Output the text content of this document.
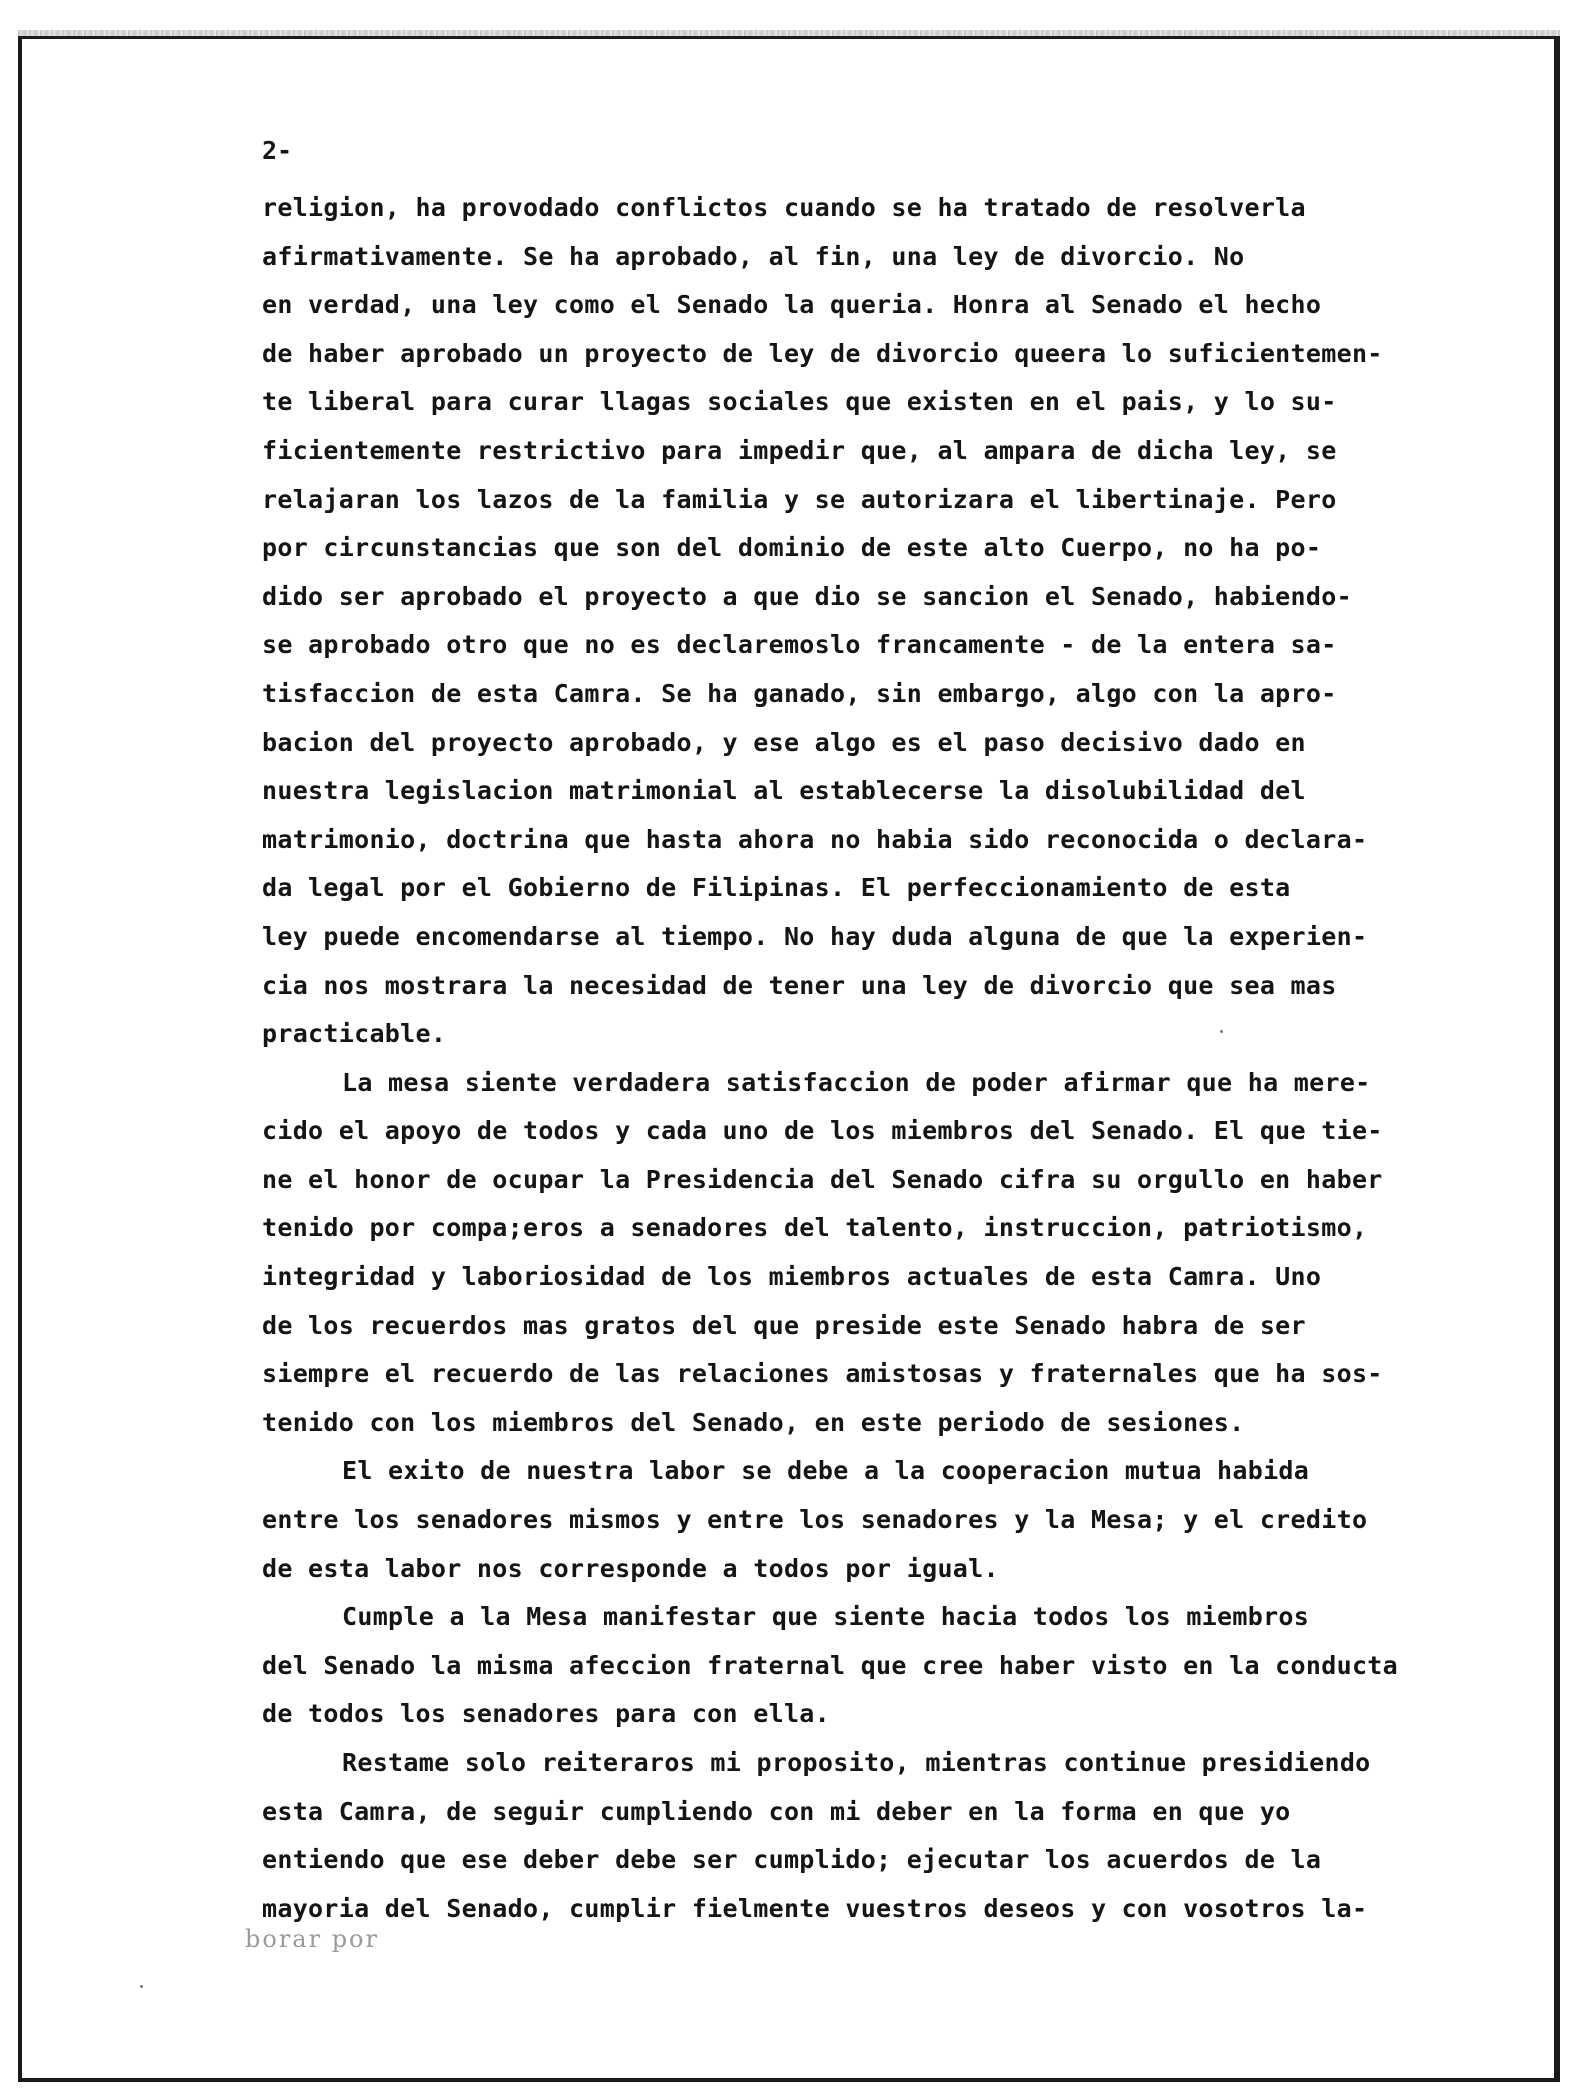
2-
religion, ha provodado conflictos cuando se ha tratado de resolverla
afirmativamente. Se ha aprobado, al fin, una ley de divorcio. No
en verdad, una ley como el Senado la queria. Honra al Senado el hecho
de haber aprobado un proyecto de ley de divorcio queera lo suficientemen-
te liberal para curar llagas sociales que existen en el pais, y lo su-
ficientemente restrictivo para impedir que, al ampara de dicha ley, se
relajaran los lazos de la familia y se autorizara el libertinaje. Pero
por circunstancias que son del dominio de este alto Cuerpo, no ha po-
dido ser aprobado el proyecto a que dio se sancion el Senado, habiendo-
se aprobado otro que no es declaremoslo francamente - de la entera sa-
tisfaccion de esta Camra. Se ha ganado, sin embargo, algo con la apro-
bacion del proyecto aprobado, y ese algo es el paso decisivo dado en
nuestra legislacion matrimonial al establecerse la disolubilidad del
matrimonio, doctrina que hasta ahora no habia sido reconocida o declara-
da legal por el Gobierno de Filipinas. El perfeccionamiento de esta
ley puede encomendarse al tiempo. No hay duda alguna de que la experien-
cia nos mostrara la necesidad de tener una ley de divorcio que sea mas
practicable.
La mesa siente verdadera satisfaccion de poder afirmar que ha mere-
cido el apoyo de todos y cada uno de los miembros del Senado. El que tie-
ne el honor de ocupar la Presidencia del Senado cifra su orgullo en haber
tenido por compa;eros a senadores del talento, instruccion, patriotismo,
integridad y laboriosidad de los miembros actuales de esta Camra. Uno
de los recuerdos mas gratos del que preside este Senado habra de ser
siempre el recuerdo de las relaciones amistosas y fraternales que ha sos-
tenido con los miembros del Senado, en este periodo de sesiones.
El exito de nuestra labor se debe a la cooperacion mutua habida
entre los senadores mismos y entre los senadores y la Mesa; y el credito
de esta labor nos corresponde a todos por igual.
Cumple a la Mesa manifestar que siente hacia todos los miembros
del Senado la misma afeccion fraternal que cree haber visto en la conducta
de todos los senadores para con ella.
Restame solo reiteraros mi proposito, mientras continue presidiendo
esta Camra, de seguir cumpliendo con mi deber en la forma en que yo
entiendo que ese deber debe ser cumplido; ejecutar los acuerdos de la
mayoria del Senado, cumplir fielmente vuestros deseos y con vosotros la-
borar por
